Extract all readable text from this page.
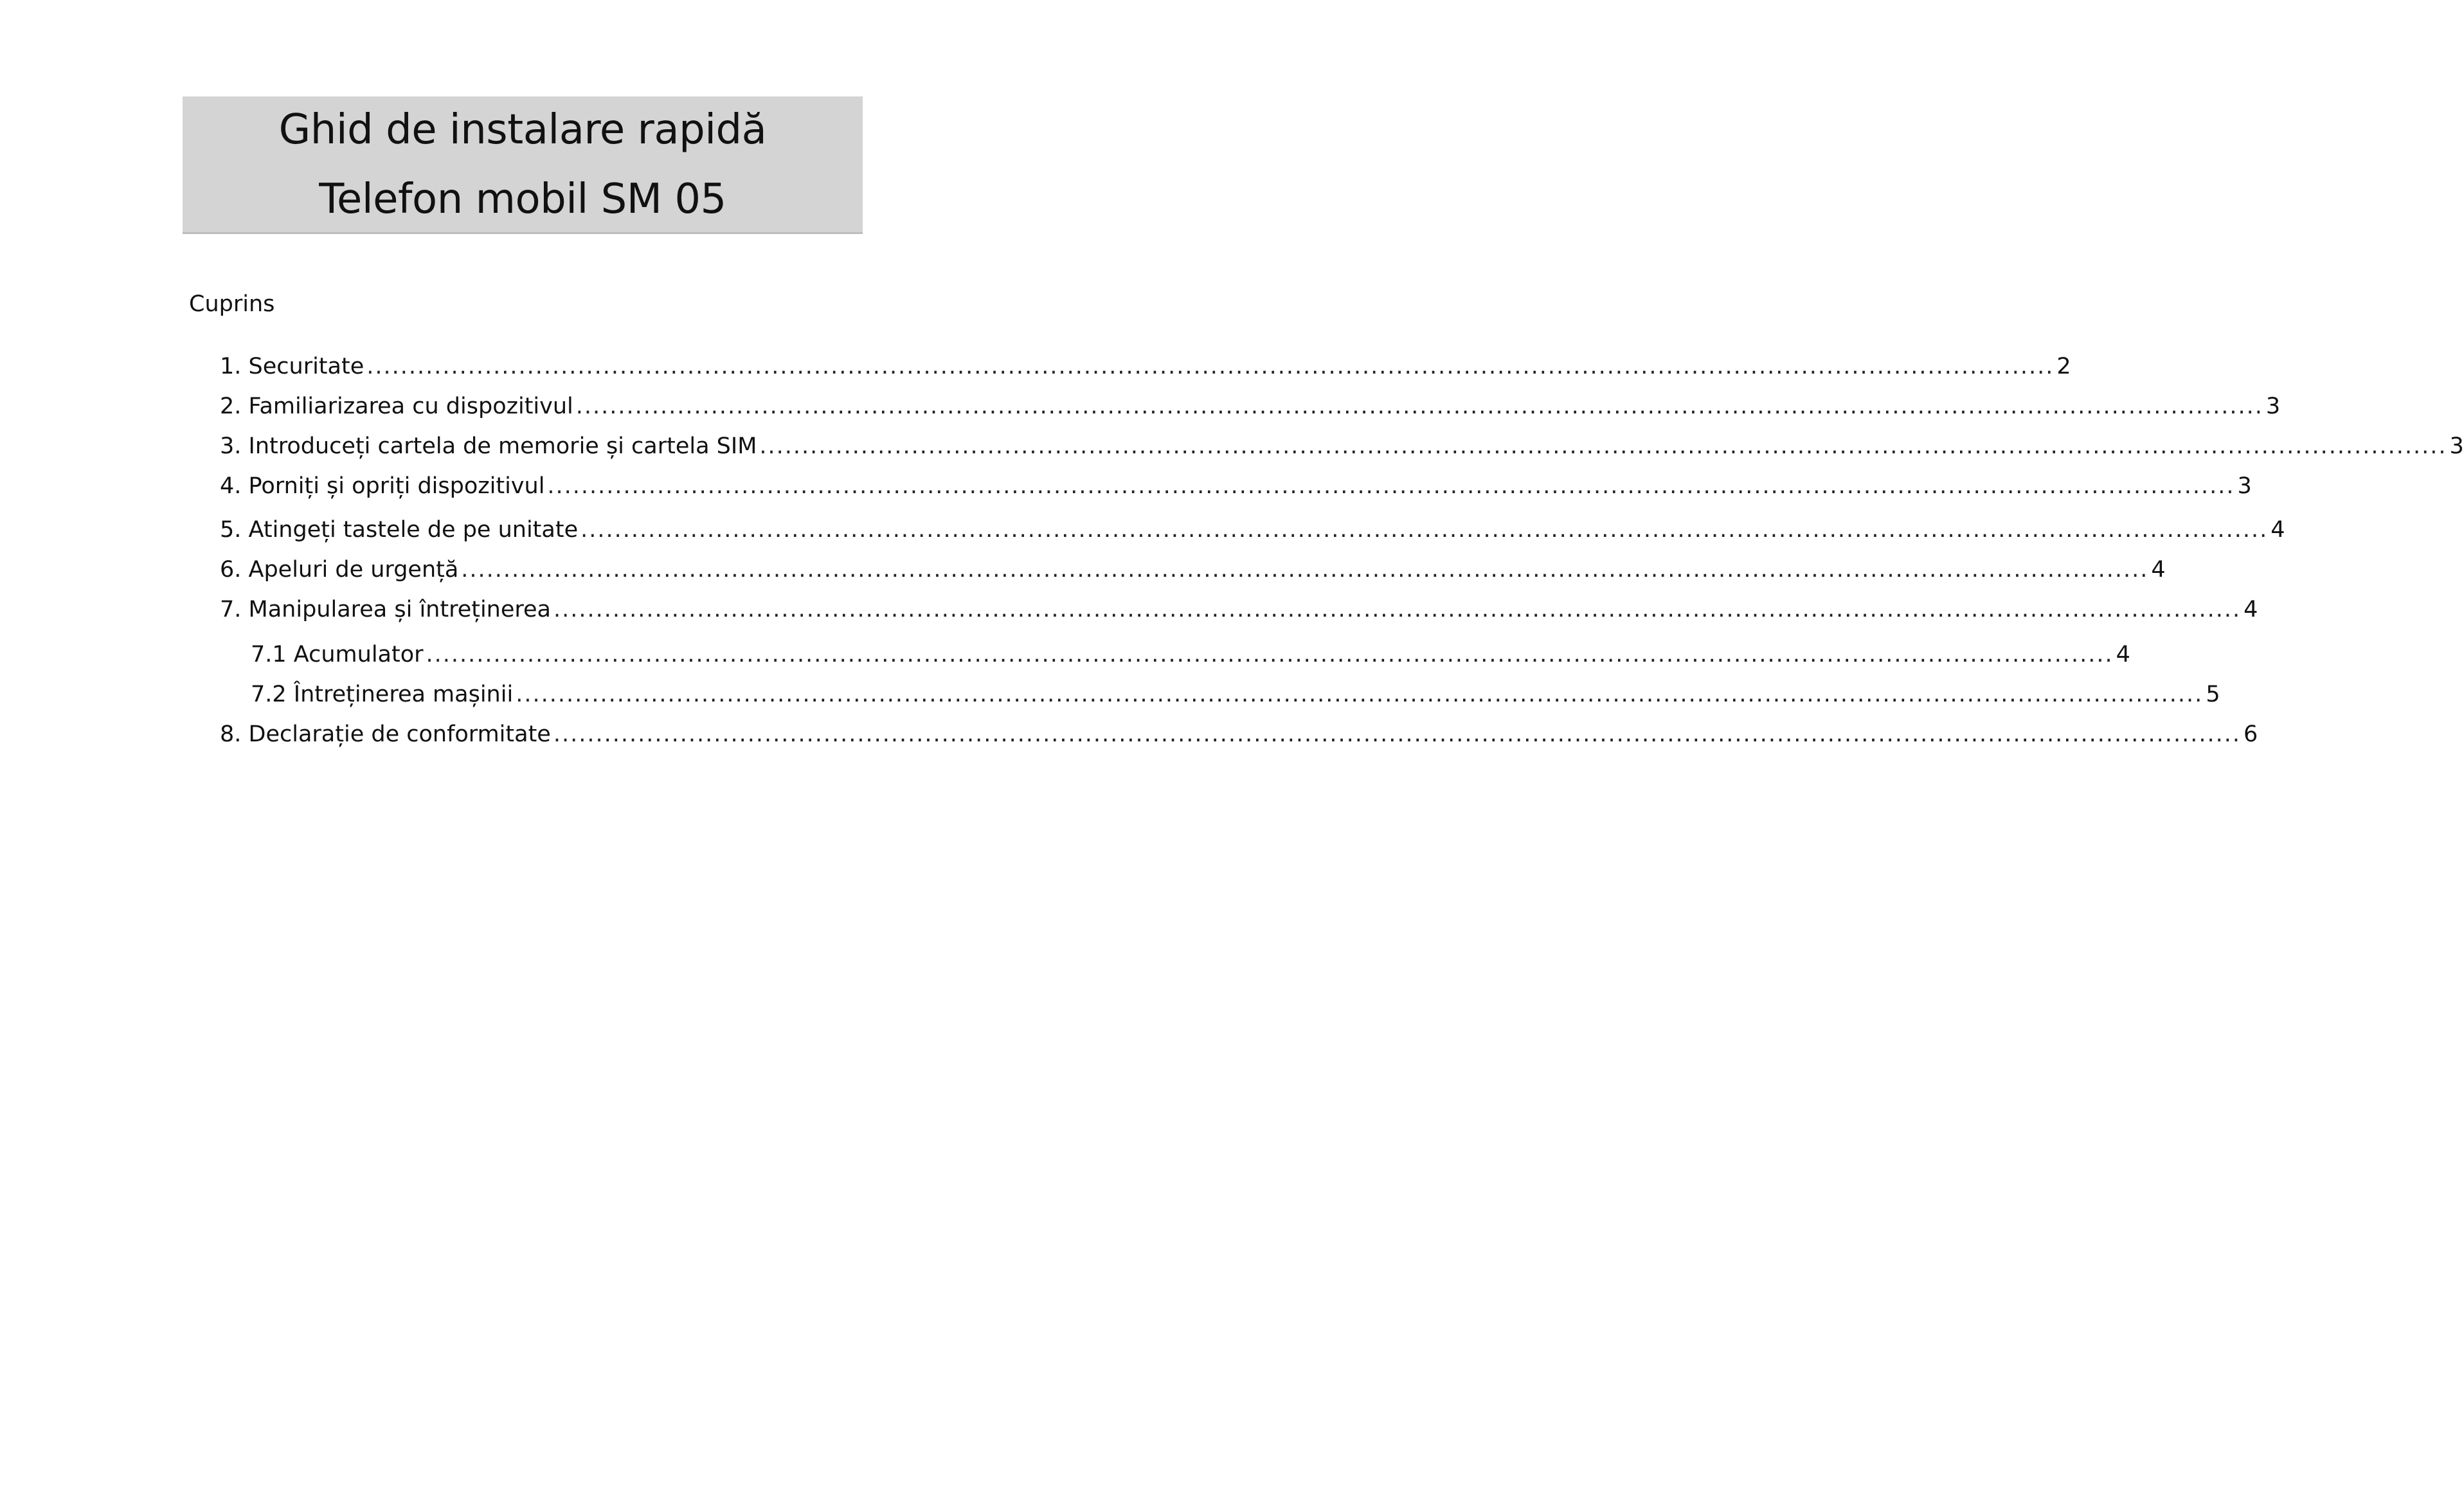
Ghid de instalare rapidă
Telefon mobil SM 05
Cuprins
1. Securitate ........................................................................................................................................................................................................ 2
2. Familiarizarea cu dispozitivul ........................................................................................................................................................................................................ 3
3. Introduceți cartela de memorie și cartela SIM ........................................................................................................................................................................................................ 3
4. Porniți și opriți dispozitivul ........................................................................................................................................................................................................ 3
5. Atingeți tastele de pe unitate ........................................................................................................................................................................................................ 4
6. Apeluri de urgență ........................................................................................................................................................................................................ 4
7. Manipularea și întreținerea ........................................................................................................................................................................................................ 4
7.1 Acumulator ........................................................................................................................................................................................................ 4
7.2 Întreținerea mașinii ........................................................................................................................................................................................................ 5
8. Declarație de conformitate ........................................................................................................................................................................................................ 6
